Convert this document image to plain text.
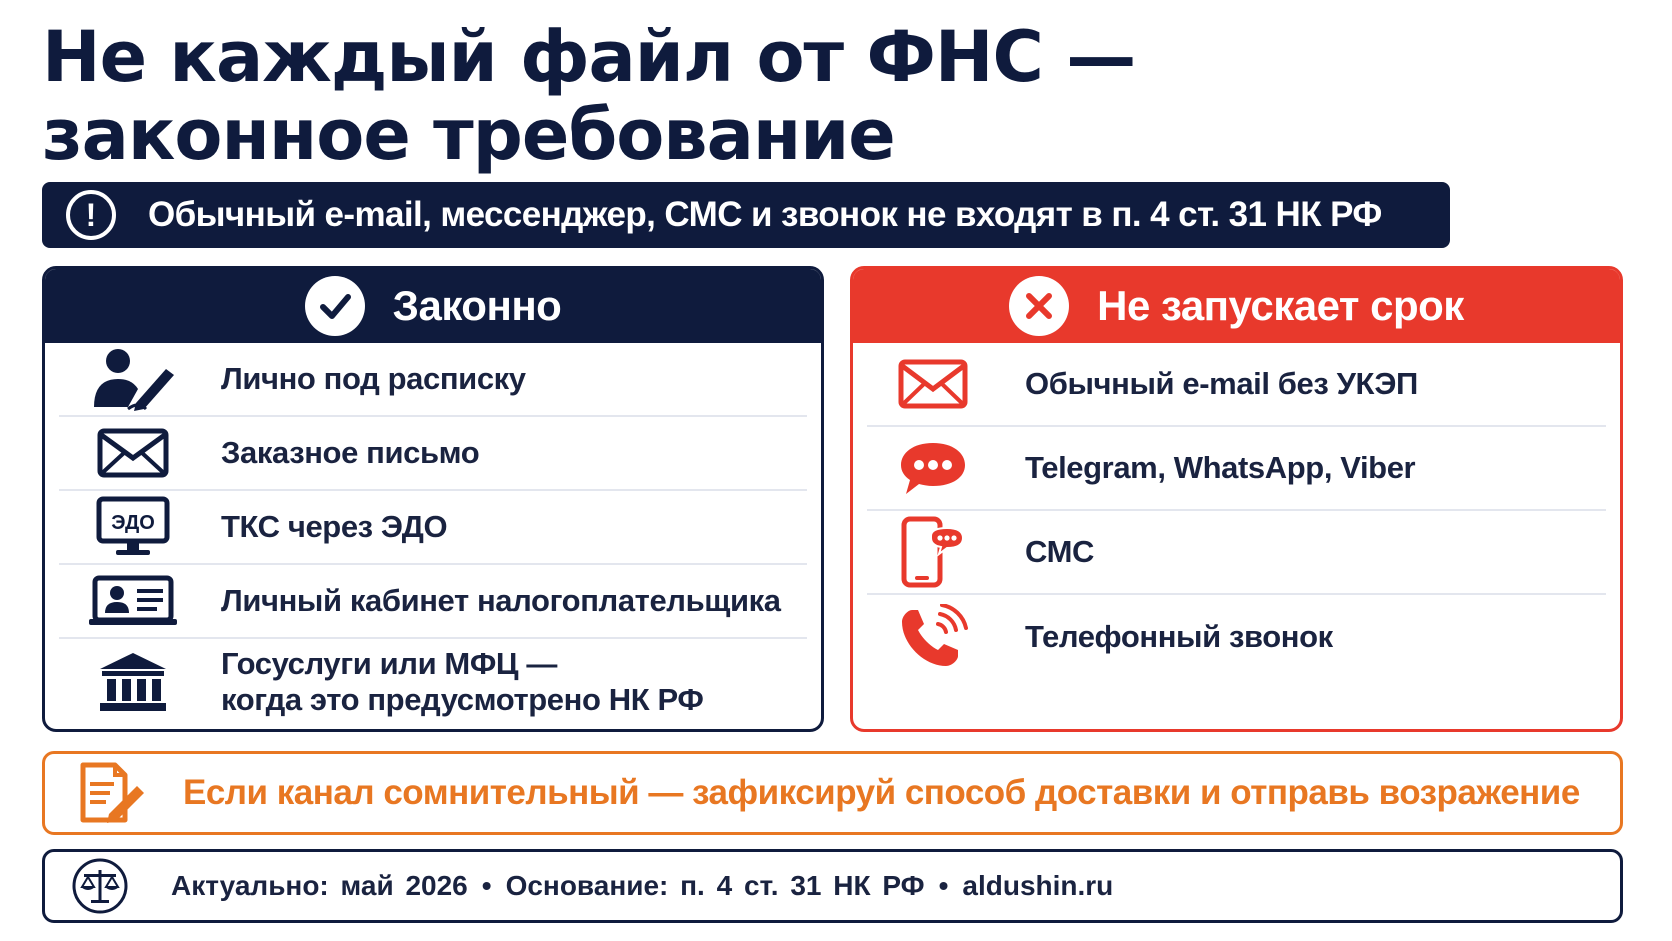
Не каждый файл от ФНС —
законное требование
!	Обычный e-mail, мессенджер, СМС и звонок не входят в п. 4 ст. 31 НК РФ
Законно
Лично под расписку
Заказное письмо
ЭДО ТКС через ЭДО
Личный кабинет налогоплательщика
Госуслуги или МФЦ —
когда это предусмотрено НК РФ
Не запускает срок
Обычный e-mail без УКЭП
Telegram, WhatsApp, Viber
СМС
Телефонный звонок
Если канал сомнительный — зафиксируй способ доставки и отправь возражение
Актуально: май 2026 • Основание: п. 4 ст. 31 НК РФ • aldushin.ru
